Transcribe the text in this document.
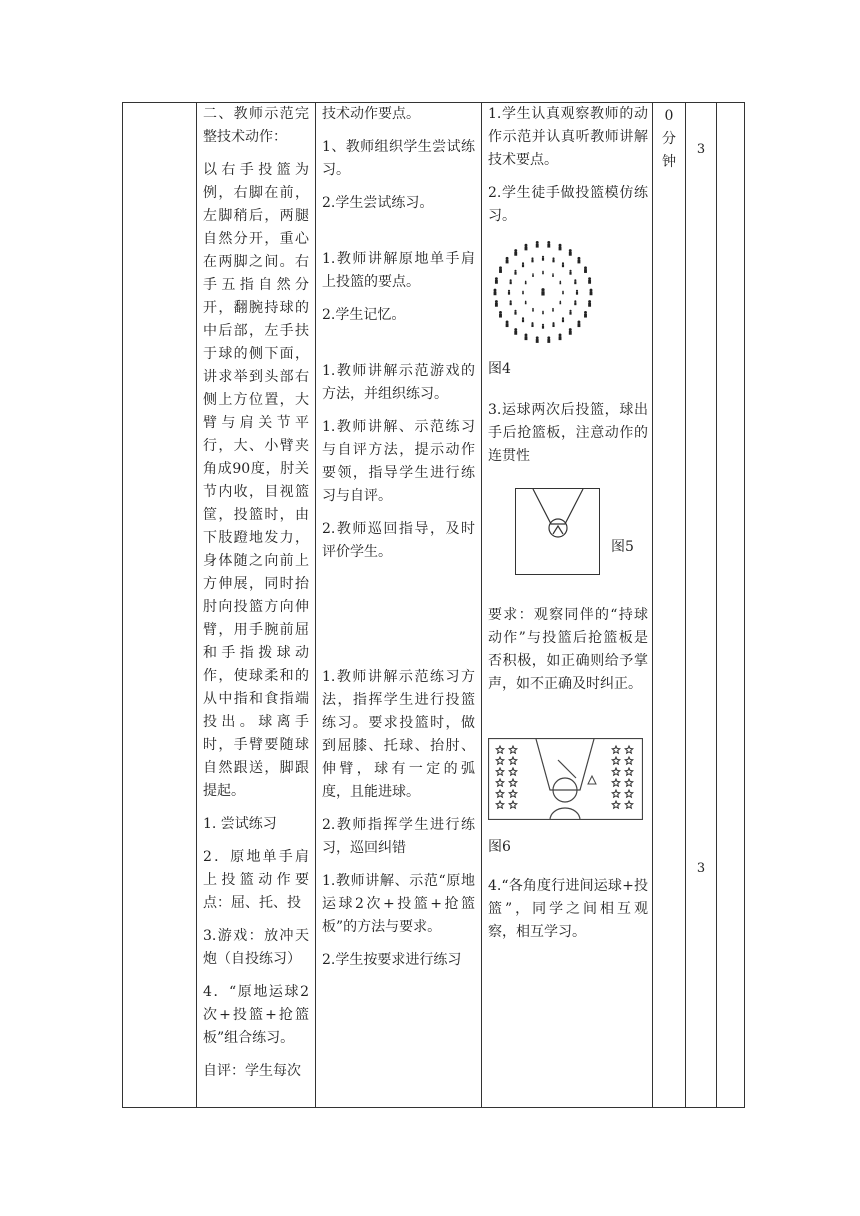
二、教师示范完整技术动作：

以右手投篮为例，右脚在前，左脚稍后，两腿自然分开，重心在两脚之间。右手五指自然分开，翻腕持球的中后部，左手扶于球的侧下面，讲求举到头部右侧上方位置，大臂与肩关节平行，大、小臂夹角成90度，肘关节内收，目视篮筐，投篮时，由下肢蹬地发力，身体随之向前上方伸展，同时抬肘向投篮方向伸臂，用手腕前屈和手指拨球动作，使球柔和的从中指和食指端投出。球离手时，手臂要随球自然跟送，脚跟提起。

1. 尝试练习

2．原地单手肩上投篮动作要点：屈、托、投

3.游戏：放冲天炮（自投练习）

4．“原地运球2次+投篮+抢篮板”组合练习。

自评：学生每次

技术动作要点。

1、教师组织学生尝试练习。

2.学生尝试练习。

1.教师讲解原地单手肩上投篮的要点。

2.学生记忆。

1.教师讲解示范游戏的方法，并组织练习。

1.教师讲解、示范练习与自评方法，提示动作要领，指导学生进行练习与自评。

2.教师巡回指导，及时评价学生。

1.教师讲解示范练习方法，指挥学生进行投篮练习。要求投篮时，做到屈膝、托球、抬肘、伸臂，球有一定的弧度，且能进球。

2.教师指挥学生进行练习，巡回纠错

1.教师讲解、示范“原地运球2次+投篮+抢篮板”的方法与要求。

2.学生按要求进行练习

1.学生认真观察教师的动作示范并认真听教师讲解技术要点。

2.学生徒手做投篮模仿练习。

图4

3.运球两次后投篮，球出手后抢篮板，注意动作的连贯性

图5

要求：观察同伴的“持球动作”与投篮后抢篮板是否积极，如正确则给予掌声，如不正确及时纠正。

图6

4.“各角度行进间运球+投篮”，同学之间相互观察，相互学习。

0
分
钟
3
3
